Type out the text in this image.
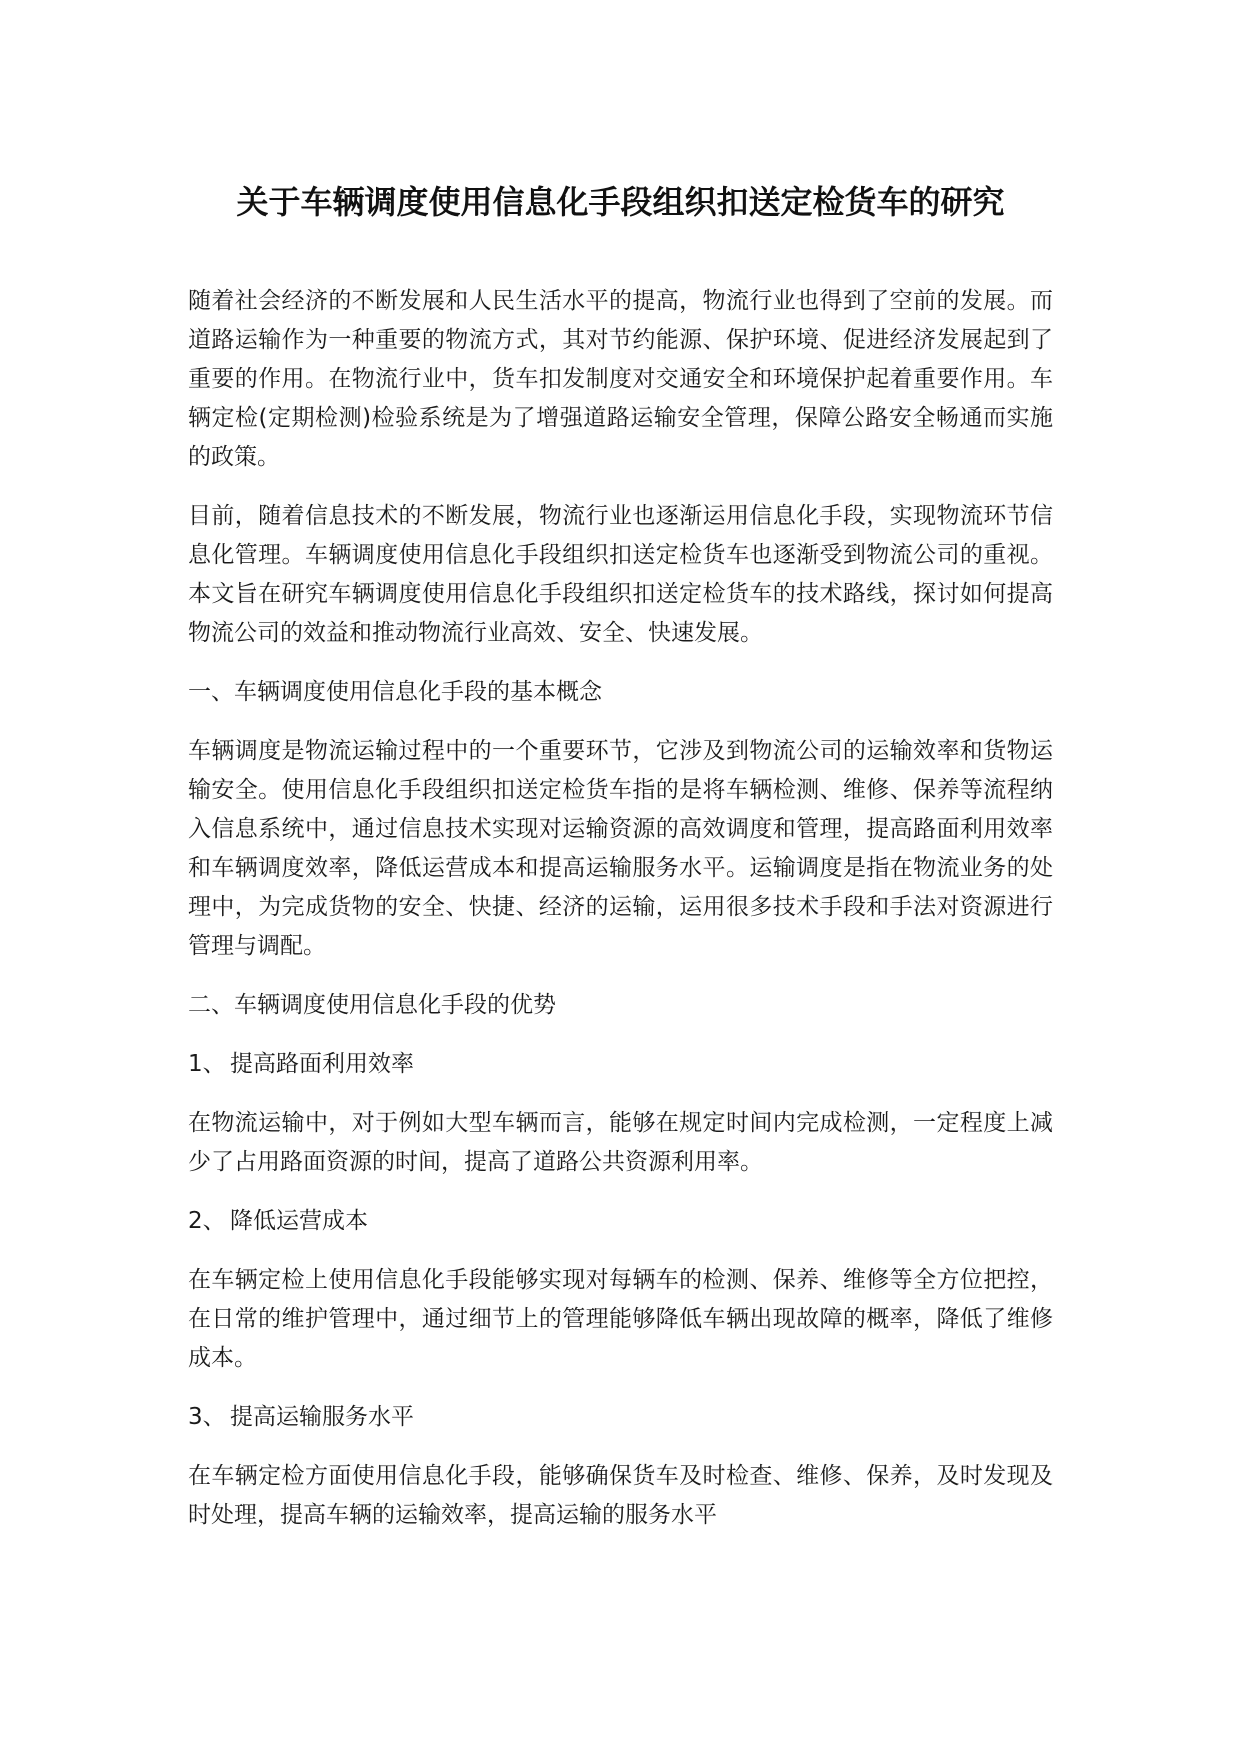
关于车辆调度使用信息化手段组织扣送定检货车的研究

随着社会经济的不断发展和人民生活水平的提高，物流行业也得到了空前的发展。而道路运输作为一种重要的物流方式，其对节约能源、保护环境、促进经济发展起到了重要的作用。在物流行业中，货车扣发制度对交通安全和环境保护起着重要作用。车辆定检(定期检测)检验系统是为了增强道路运输安全管理，保障公路安全畅通而实施的政策。

目前，随着信息技术的不断发展，物流行业也逐渐运用信息化手段，实现物流环节信息化管理。车辆调度使用信息化手段组织扣送定检货车也逐渐受到物流公司的重视。本文旨在研究车辆调度使用信息化手段组织扣送定检货车的技术路线，探讨如何提高物流公司的效益和推动物流行业高效、安全、快速发展。

一、车辆调度使用信息化手段的基本概念

车辆调度是物流运输过程中的一个重要环节，它涉及到物流公司的运输效率和货物运输安全。使用信息化手段组织扣送定检货车指的是将车辆检测、维修、保养等流程纳入信息系统中，通过信息技术实现对运输资源的高效调度和管理，提高路面利用效率和车辆调度效率，降低运营成本和提高运输服务水平。运输调度是指在物流业务的处理中，为完成货物的安全、快捷、经济的运输，运用很多技术手段和手法对资源进行管理与调配。

二、车辆调度使用信息化手段的优势

1、 提高路面利用效率

在物流运输中，对于例如大型车辆而言，能够在规定时间内完成检测，一定程度上减少了占用路面资源的时间，提高了道路公共资源利用率。

2、 降低运营成本

在车辆定检上使用信息化手段能够实现对每辆车的检测、保养、维修等全方位把控，在日常的维护管理中，通过细节上的管理能够降低车辆出现故障的概率，降低了维修成本。

3、 提高运输服务水平

在车辆定检方面使用信息化手段，能够确保货车及时检查、维修、保养，及时发现及时处理，提高车辆的运输效率，提高运输的服务水平
